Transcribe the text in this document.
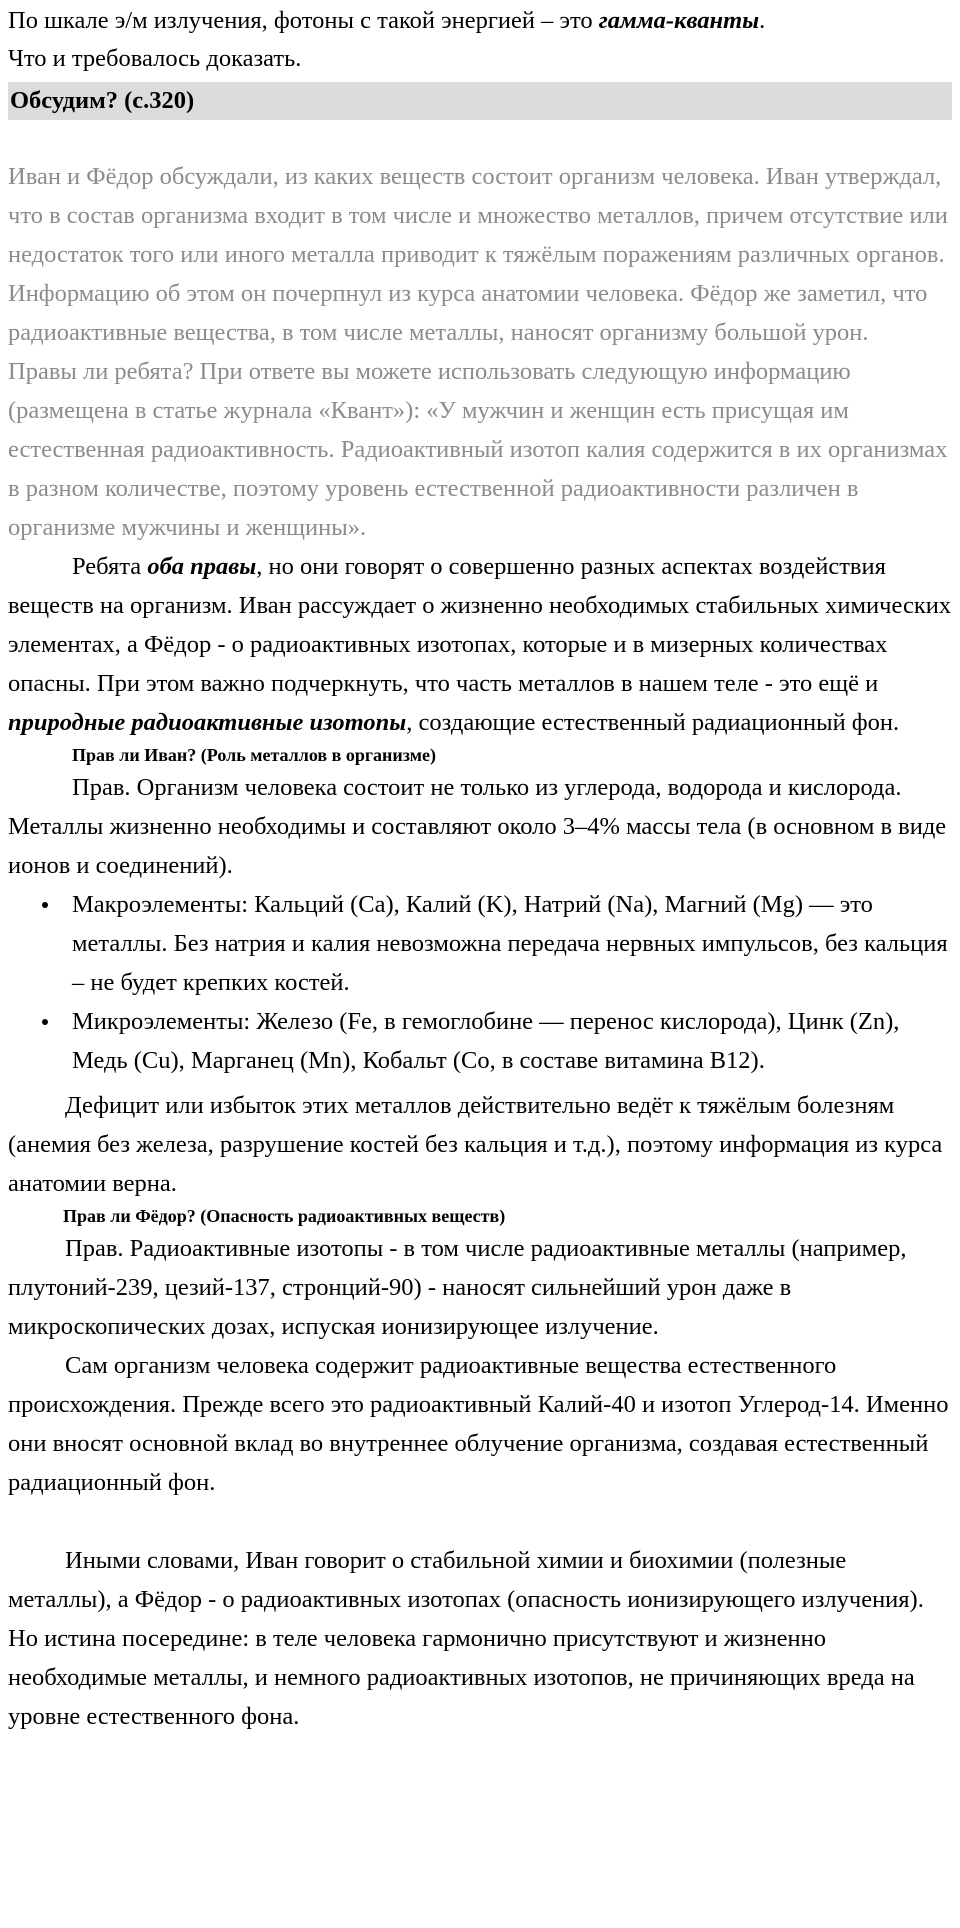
По шкале э/м излучения, фотоны с такой энергией – это гамма-кванты.
Что и требовалось доказать.
Обсудим? (с.320)

Иван и Фёдор обсуждали, из каких веществ состоит организм человека. Иван утверждал, что в состав организма входит в том числе и множество металлов, причем отсутствие или недостаток того или иного металла приводит к тяжёлым поражениям различных органов. Информацию об этом он почерпнул из курса анатомии человека. Фёдор же заметил, что радиоактивные вещества, в том числе металлы, наносят организму большой урон.

Правы ли ребята? При ответе вы можете использовать следующую информацию (размещена в статье журнала «Квант»): «У мужчин и женщин есть присущая им естественная радиоактивность. Радиоактивный изотоп калия содержится в их организмах в разном количестве, поэтому уровень естественной радиоактивности различен в организме мужчины и женщины».

Ребята оба правы, но они говорят о совершенно разных аспектах воздействия веществ на организм. Иван рассуждает о жизненно необходимых стабильных химических элементах, а Фёдор - о радиоактивных изотопах, которые и в мизерных количествах опасны. При этом важно подчеркнуть, что часть металлов в нашем теле - это ещё и природные радиоактивные изотопы, создающие естественный радиационный фон.

Прав ли Иван? (Роль металлов в организме)

Прав. Организм человека состоит не только из углерода, водорода и кислорода. Металлы жизненно необходимы и составляют около 3–4% массы тела (в основном в виде ионов и соединений).

Макроэлементы: Кальций (Ca), Калий (K), Натрий (Na), Магний (Mg) — это металлы. Без натрия и калия невозможна передача нервных импульсов, без кальция – не будет крепких костей.
Микроэлементы: Железо (Fe, в гемоглобине — перенос кислорода), Цинк (Zn), Медь (Cu), Марганец (Mn), Кобальт (Co, в составе витамина B12).

Дефицит или избыток этих металлов действительно ведёт к тяжёлым болезням (анемия без железа, разрушение костей без кальция и т.д.), поэтому информация из курса анатомии верна.

Прав ли Фёдор? (Опасность радиоактивных веществ)

Прав. Радиоактивные изотопы - в том числе радиоактивные металлы (например, плутоний-239, цезий-137, стронций-90) - наносят сильнейший урон даже в микроскопических дозах, испуская ионизирующее излучение.

Сам организм человека содержит радиоактивные вещества естественного происхождения. Прежде всего это радиоактивный Калий-40 и изотоп Углерод-14. Именно они вносят основной вклад во внутреннее облучение организма, создавая естественный радиационный фон.

Иными словами, Иван говорит о стабильной химии и биохимии (полезные металлы), а Фёдор - о радиоактивных изотопах (опасность ионизирующего излучения). Но истина посередине: в теле человека гармонично присутствуют и жизненно необходимые металлы, и немного радиоактивных изотопов, не причиняющих вреда на уровне естественного фона.
